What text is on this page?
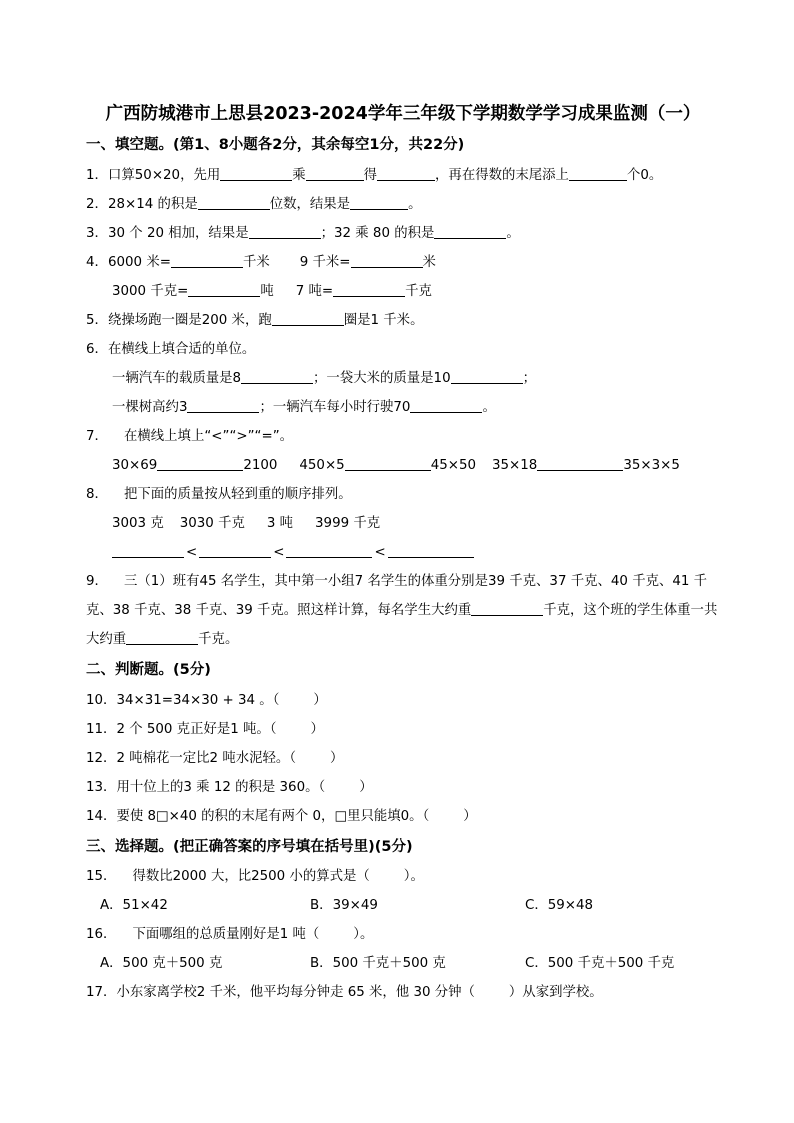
广西防城港市上思县2023-2024学年三年级下学期数学学习成果监测（一）
一、填空题。(第1、8小题各2分，其余每空1分，共22分)
1．口算50×20，先用	乘	得	，再在得数的末尾添上	个0。
2．28×14 的积是	位数，结果是	。
3．30 个 20 相加，结果是	；32 乘 80 的积是	。
4．6000 米=	千米 9 千米=	米
3000 千克=	吨 7 吨=	千克
5．绕操场跑一圈是200 米，跑	圈是1 千米。
6．在横线上填合适的单位。
一辆汽车的载质量是8	；一袋大米的质量是10	；
一棵树高约3	；一辆汽车每小时行驶70	。
7． 在横线上填上“<”“>”“=”。
30×69	2100 450×5	45×50 35×18	35×3×5
8． 把下面的质量按从轻到重的顺序排列。
3003 克 3030 千克 3 吨 3999 千克
<	<	<
9． 三（1）班有45 名学生，其中第一小组7 名学生的体重分别是39 千克、37 千克、40 千克、41 千克、38 千克、38 千克、39 千克。照这样计算，每名学生大约重	千克，这个班的学生体重一共大约重	千克。
二、判断题。(5分)
10．34×31=34×30 + 34 。（	）
11．2 个 500 克正好是1 吨。（	）
12．2 吨棉花一定比2 吨水泥轻。（	）
13．用十位上的3 乘 12 的积是 360。（	）
14．要使 8□×40 的积的末尾有两个 0，□里只能填0。（	）
三、选择题。(把正确答案的序号填在括号里)(5分)
15． 得数比2000 大，比2500 小的算式是（	）。
A．51×42	B．39×49	C．59×48
16． 下面哪组的总质量刚好是1 吨（	）。
A．500 克＋500 克	B．500 千克＋500 克	C．500 千克＋500 千克
17．小东家离学校2 千米，他平均每分钟走 65 米，他 30 分钟（	）从家到学校。
